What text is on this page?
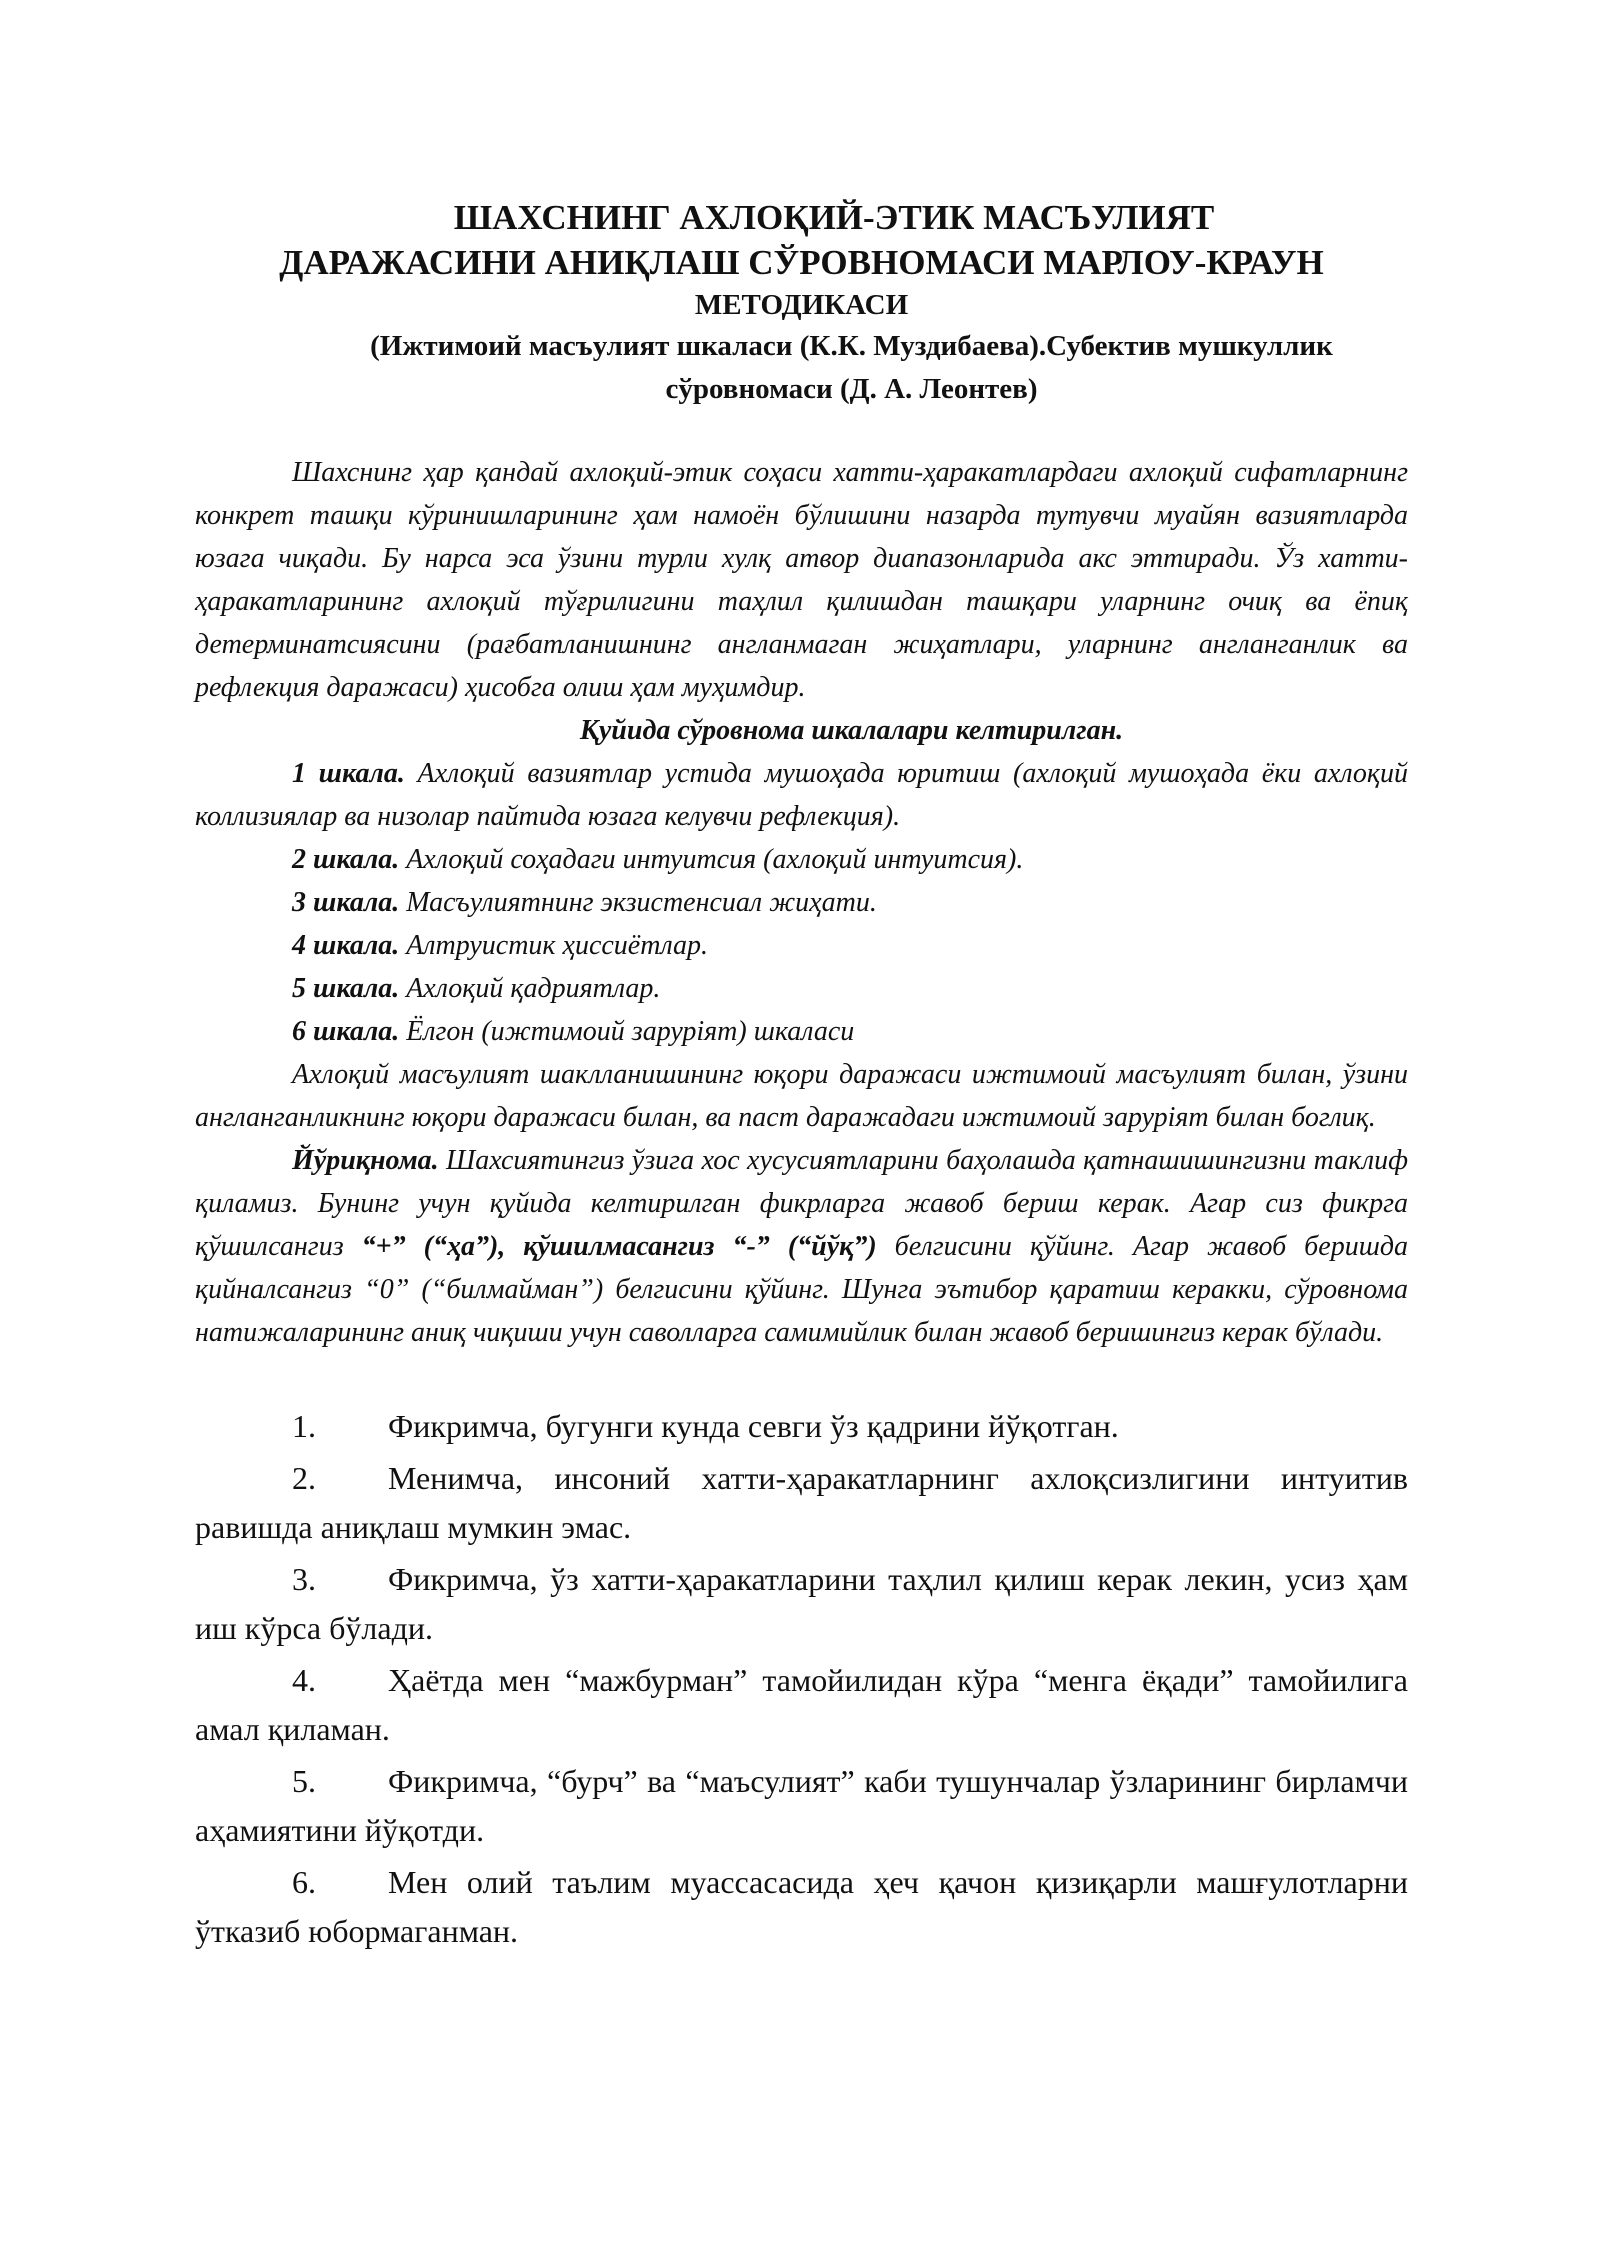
ШАХСНИНГ АХЛОҚИЙ-ЭТИК МАСЪУЛИЯТ
ДАРАЖАСИНИ АНИҚЛАШ СЎРОВНОМАСИ МАРЛОУ-КРАУН
МЕТОДИКАСИ

(Ижтимоий масъулият шкаласи (К.К. Муздибаева).Субектив мушкуллик сўровномаси (Д. А. Леонтев)

Шахснинг ҳар қандай ахлоқий-этик соҳаси хатти-ҳаракатлардаги ахлоқий сифатларнинг конкрет ташқи кўринишларининг ҳам намоён бўлишини назарда тутувчи муайян вазиятларда юзага чиқади. Бу нарса эса ўзини турли хулқ атвор диапазонларида акс эттиради. Ўз хатти-ҳаракатларининг ахлоқий тўғрилигини таҳлил қилишдан ташқари уларнинг очиқ ва ёпиқ детерминатсиясини (рағбатланишнинг англанмаган жиҳатлари, уларнинг англанганлик ва рефлекция даражаси) ҳисобга олиш ҳам муҳимдир.

Қуйида сўровнома шкалалари келтирилган.

1 шкала. Ахлоқий вазиятлар устида мушоҳада юритиш (ахлоқий мушоҳада ёки ахлоқий коллизиялар ва низолар пайтида юзага келувчи рефлекция).

2 шкала. Ахлоқий соҳадаги интуитсия (ахлоқий интуитсия).

3 шкала. Масъулиятнинг экзистенсиал жиҳати.

4 шкала. Алтруистик ҳиссиётлар.

5 шкала. Ахлоқий қадриятлар.

6 шкала. Ёлгон (ижтимоий заруріят) шкаласи

Ахлоқий масъулият шаклланишининг юқори даражаси ижтимоий масъулият билан, ўзини англанганликнинг юқори даражаси билан, ва паст даражадаги ижтимоий заруріят билан боглиқ.

Йўриқнома. Шахсиятингиз ўзига хос хусусиятларини баҳолашда қатнашишингизни таклиф қиламиз. Бунинг учун қуйида келтирилган фикрларга жавоб бериш керак. Агар сиз фикрга қўшилсангиз “+” (“ҳа”), қўшилмасангиз “-” (“йўқ”) белгисини қўйинг. Агар жавоб беришда қийналсангиз “0” (“билмайман”) белгисини қўйинг. Шунга эътибор қаратиш керакки, сўровнома натижаларининг аниқ чиқиши учун саволларга самимийлик билан жавоб беришингиз керак бўлади.

1. Фикримча, бугунги кунда севги ўз қадрини йўқотган.

2. Менимча, инсоний хатти-ҳаракатларнинг ахлоқсизлигини интуитив равишда аниқлаш мумкин эмас.

3. Фикримча, ўз хатти-ҳаракатларини таҳлил қилиш керак лекин, усиз ҳам иш кўрса бўлади.

4. Ҳаётда мен “мажбурман” тамойилидан кўра “менга ёқади” тамойилига амал қиламан.

5. Фикримча, “бурч” ва “маъсулият” каби тушунчалар ўзларининг бирламчи аҳамиятини йўқотди.

6. Мен олий таълим муассасасида ҳеч қачон қизиқарли машғулотларни ўтказиб юбормаганман.
